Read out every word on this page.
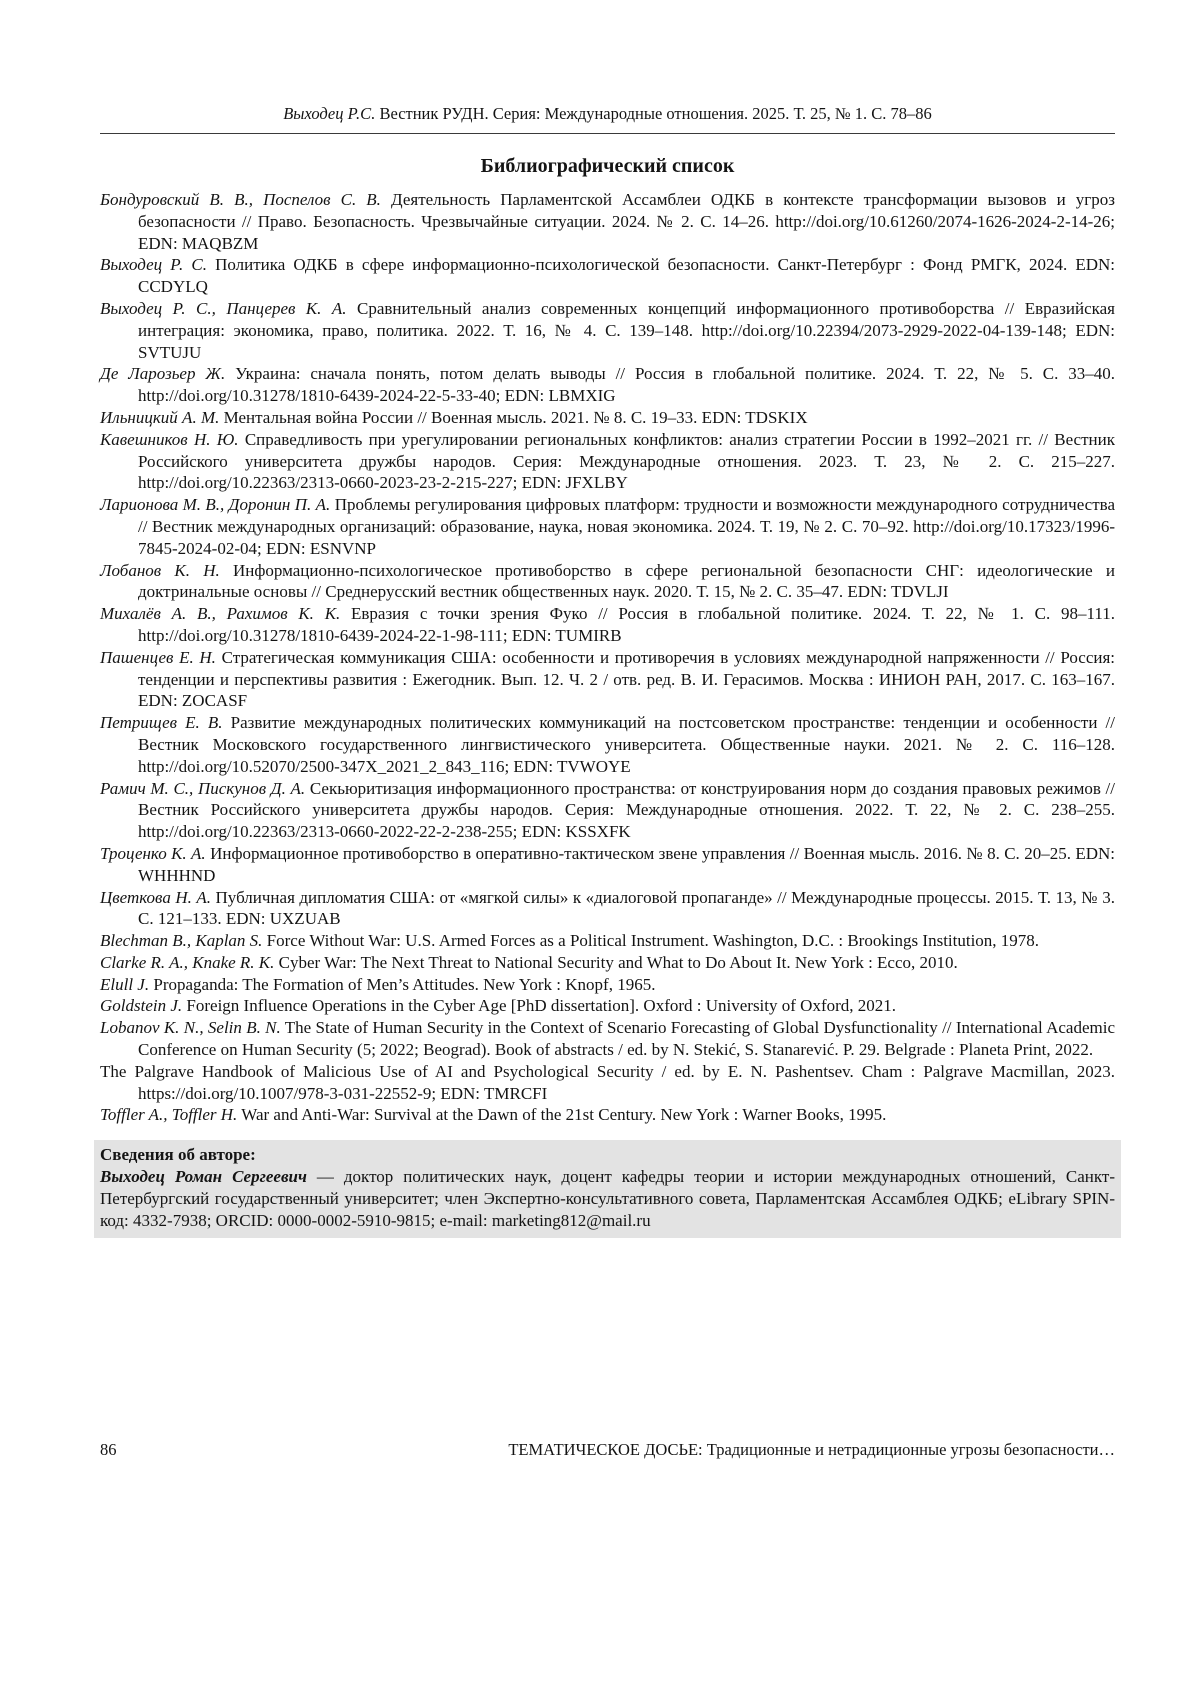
Выходец Р.С. Вестник РУДН. Серия: Международные отношения. 2025. Т. 25, № 1. С. 78–86
Библиографический список
Бондуровский В. В., Поспелов С. В. Деятельность Парламентской Ассамблеи ОДКБ в контексте трансформации вызовов и угроз безопасности // Право. Безопасность. Чрезвычайные ситуации. 2024. № 2. С. 14–26. http://doi.org/10.61260/2074-1626-2024-2-14-26; EDN: MAQBZM
Выходец Р. С. Политика ОДКБ в сфере информационно-психологической безопасности. Санкт-Петербург : Фонд РМГК, 2024. EDN: CCDYLQ
Выходец Р. С., Панцерев К. А. Сравнительный анализ современных концепций информационного противоборства // Евразийская интеграция: экономика, право, политика. 2022. Т. 16, № 4. С. 139–148. http://doi.org/10.22394/2073-2929-2022-04-139-148; EDN: SVTUJU
Де Ларозьер Ж. Украина: сначала понять, потом делать выводы // Россия в глобальной политике. 2024. Т. 22, № 5. С. 33–40. http://doi.org/10.31278/1810-6439-2024-22-5-33-40; EDN: LBMXIG
Ильницкий А. М. Ментальная война России // Военная мысль. 2021. № 8. С. 19–33. EDN: TDSKIX
Кавешников Н. Ю. Справедливость при урегулировании региональных конфликтов: анализ стратегии России в 1992–2021 гг. // Вестник Российского университета дружбы народов. Серия: Международные отношения. 2023. Т. 23, № 2. С. 215–227. http://doi.org/10.22363/2313-0660-2023-23-2-215-227; EDN: JFXLBY
Ларионова М. В., Доронин П. А. Проблемы регулирования цифровых платформ: трудности и возможности международного сотрудничества // Вестник международных организаций: образование, наука, новая экономика. 2024. Т. 19, № 2. С. 70–92. http://doi.org/10.17323/1996-7845-2024-02-04; EDN: ESNVNP
Лобанов К. Н. Информационно-психологическое противоборство в сфере региональной безопасности СНГ: идеологические и доктринальные основы // Среднерусский вестник общественных наук. 2020. Т. 15, № 2. С. 35–47. EDN: TDVLJI
Михалёв А. В., Рахимов К. К. Евразия с точки зрения Фуко // Россия в глобальной политике. 2024. Т. 22, № 1. С. 98–111. http://doi.org/10.31278/1810-6439-2024-22-1-98-111; EDN: TUMIRB
Пашенцев Е. Н. Стратегическая коммуникация США: особенности и противоречия в условиях международной напряженности // Россия: тенденции и перспективы развития : Ежегодник. Вып. 12. Ч. 2 / отв. ред. В. И. Герасимов. Москва : ИНИОН РАН, 2017. С. 163–167. EDN: ZOCASF
Петрищев Е. В. Развитие международных политических коммуникаций на постсоветском пространстве: тенденции и особенности // Вестник Московского государственного лингвистического университета. Общественные науки. 2021. № 2. С. 116–128. http://doi.org/10.52070/2500-347X_2021_2_843_116; EDN: TVWOYE
Рамич М. С., Пискунов Д. А. Секьюритизация информационного пространства: от конструирования норм до создания правовых режимов // Вестник Российского университета дружбы народов. Серия: Международные отношения. 2022. Т. 22, № 2. С. 238–255. http://doi.org/10.22363/2313-0660-2022-22-2-238-255; EDN: KSSXFK
Троценко К. А. Информационное противоборство в оперативно-тактическом звене управления // Военная мысль. 2016. № 8. С. 20–25. EDN: WHHHND
Цветкова Н. А. Публичная дипломатия США: от «мягкой силы» к «диалоговой пропаганде» // Международные процессы. 2015. Т. 13, № 3. С. 121–133. EDN: UXZUAB
Blechman B., Kaplan S. Force Without War: U.S. Armed Forces as a Political Instrument. Washington, D.C. : Brookings Institution, 1978.
Clarke R. A., Knake R. K. Cyber War: The Next Threat to National Security and What to Do About It. New York : Ecco, 2010.
Elull J. Propaganda: The Formation of Men’s Attitudes. New York : Knopf, 1965.
Goldstein J. Foreign Influence Operations in the Cyber Age [PhD dissertation]. Oxford : University of Oxford, 2021.
Lobanov K. N., Selin B. N. The State of Human Security in the Context of Scenario Forecasting of Global Dysfunctionality // International Academic Conference on Human Security (5; 2022; Beograd). Book of abstracts / ed. by N. Stekić, S. Stanarević. P. 29. Belgrade : Planeta Print, 2022.
The Palgrave Handbook of Malicious Use of AI and Psychological Security / ed. by E. N. Pashentsev. Cham : Palgrave Macmillan, 2023. https://doi.org/10.1007/978-3-031-22552-9; EDN: TMRCFI
Toffler A., Toffler H. War and Anti-War: Survival at the Dawn of the 21st Century. New York : Warner Books, 1995.
Сведения об авторе:
Выходец Роман Сергеевич — доктор политических наук, доцент кафедры теории и истории международных отношений, Санкт-Петербургский государственный университет; член Экспертно-консультативного совета, Парламентская Ассамблея ОДКБ; eLibrary SPIN-код: 4332-7938; ORCID: 0000-0002-5910-9815; e-mail: marketing812@mail.ru
86	ТЕМАТИЧЕСКОЕ ДОСЬЕ: Традиционные и нетрадиционные угрозы безопасности…
